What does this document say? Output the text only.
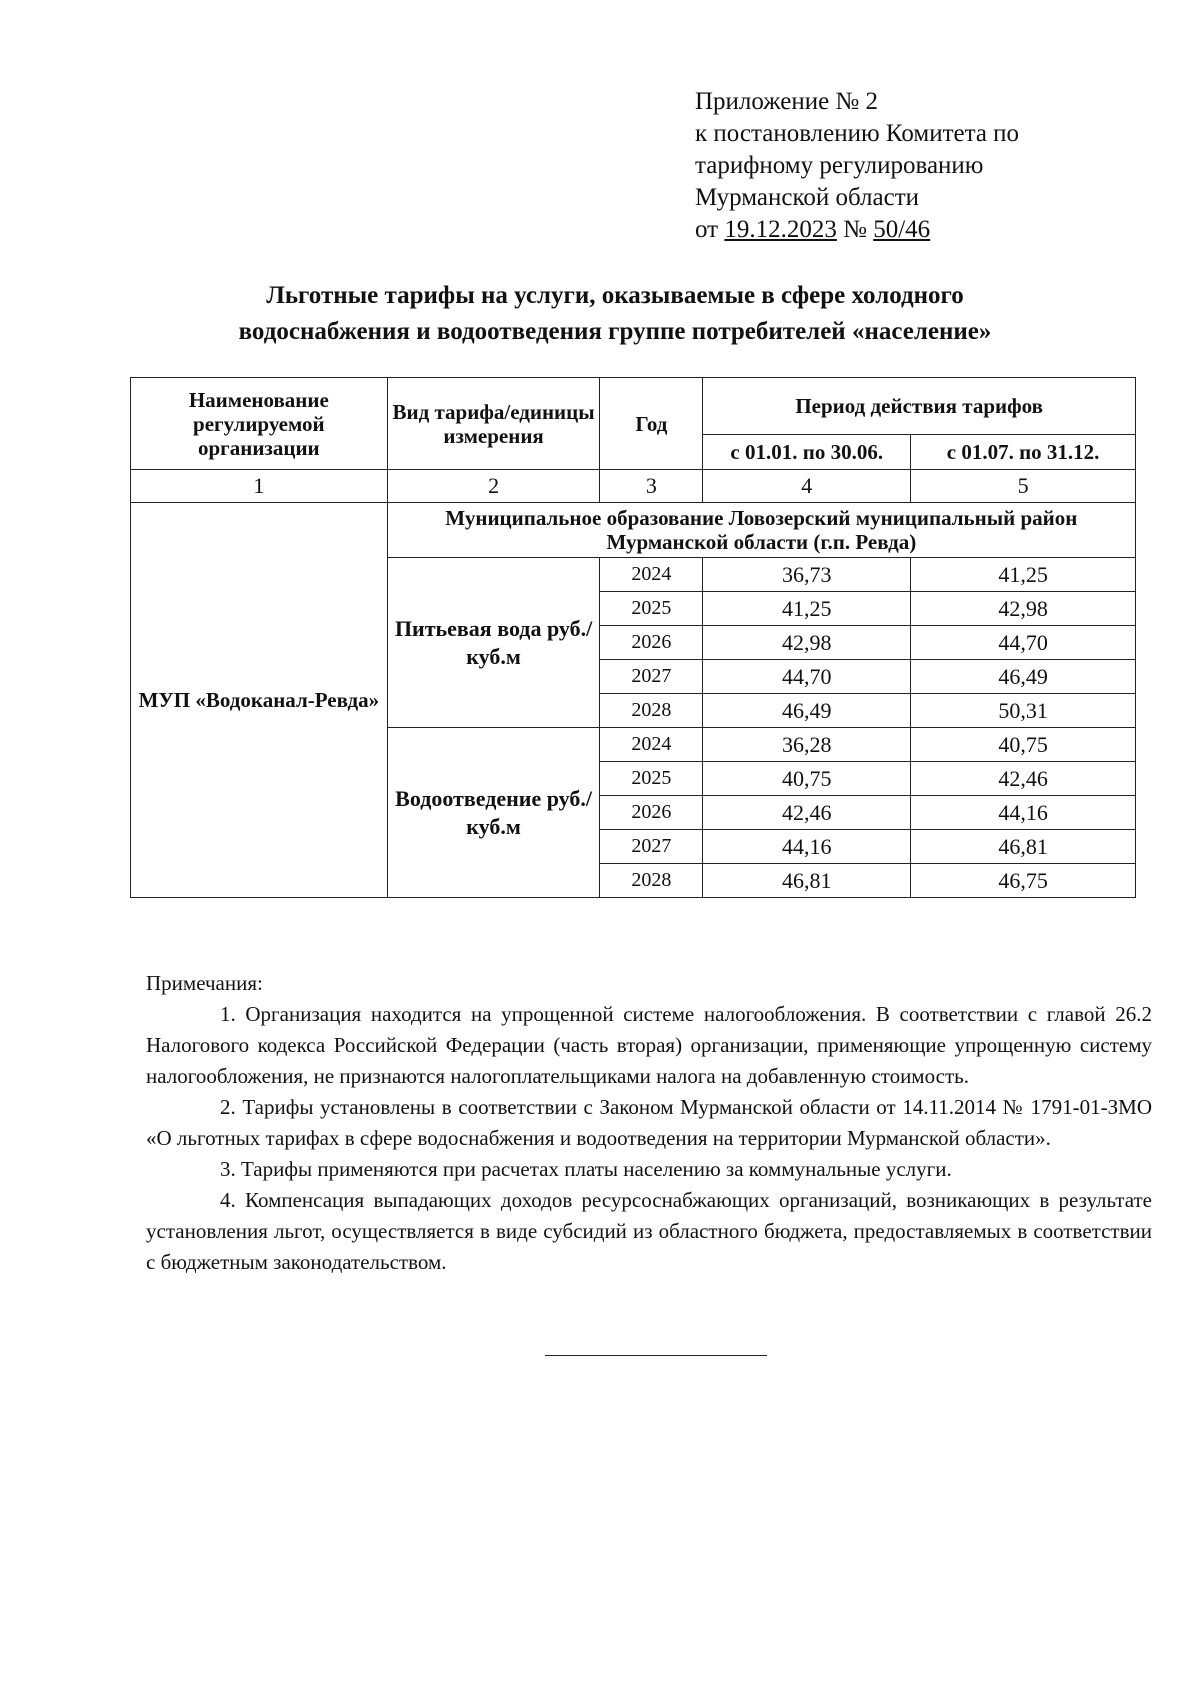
Приложение № 2
к постановлению Комитета по
тарифному регулированию
Мурманской области
от 19.12.2023 № 50/46
Льготные тарифы на услуги, оказываемые в сфере холодного
водоснабжения и водоотведения группе потребителей «население»
Наименование регулируемой организации	Вид тарифа/единицы измерения	Год	Период действия тарифов	
			с 01.01. по 30.06.	с 01.07. по 31.12.
1	2	3	4	5
МУП «Водоканал-Ревда»	Муниципальное образование Ловозерский муниципальный район Мурманской области (г.п. Ревда)			
	Питьевая вода руб./куб.м	2024	36,73	41,25
		2025	41,25	42,98
		2026	42,98	44,70
		2027	44,70	46,49
		2028	46,49	50,31
	Водоотведение руб./куб.м	2024	36,28	40,75
		2025	40,75	42,46
		2026	42,46	44,16
		2027	44,16	46,81
		2028	46,81	46,75

Примечания:

1. Организация находится на упрощенной системе налогообложения. В соответствии с главой 26.2 Налогового кодекса Российской Федерации (часть вторая) организации, применяющие упрощенную систему налогообложения, не признаются налогоплательщиками налога на добавленную стоимость.

2. Тарифы установлены в соответствии с Законом Мурманской области от 14.11.2014 № 1791-01-ЗМО «О льготных тарифах в сфере водоснабжения и водоотведения на территории Мурманской области».

3. Тарифы применяются при расчетах платы населению за коммунальные услуги.

4. Компенсация выпадающих доходов ресурсоснабжающих организаций, возникающих в результате установления льгот, осуществляется в виде субсидий из областного бюджета, предоставляемых в соответствии с бюджетным законодательством.
